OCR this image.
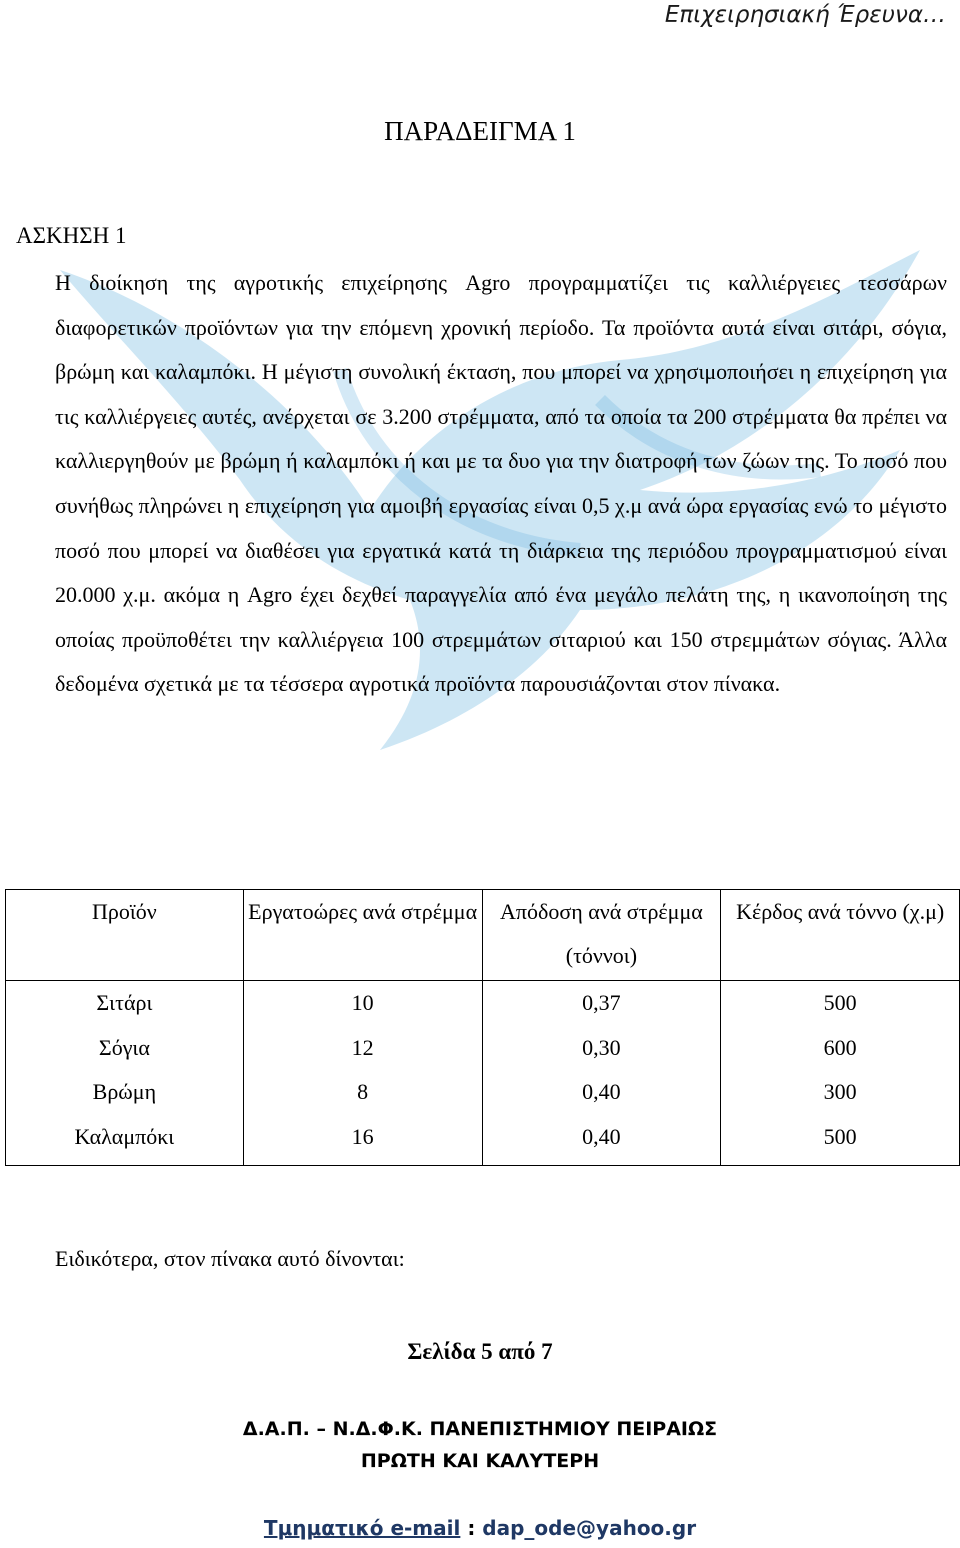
Επιχειρησιακή Έρευνα…

ΠΑΡΑΔΕΙΓΜΑ 1
ΑΣΚΗΣΗ 1

Η διοίκηση της αγροτικής επιχείρησης Agro προγραμματίζει τις καλλιέργειες τεσσάρων διαφορετικών προϊόντων για την επόμενη χρονική περίοδο. Τα προϊόντα αυτά είναι σιτάρι, σόγια, βρώμη και καλαμπόκι. Η μέγιστη συνολική έκταση, που μπορεί να χρησιμοποιήσει η επιχείρηση για τις καλλιέργειες αυτές, ανέρχεται σε 3.200 στρέμματα, από τα οποία τα 200 στρέμματα θα πρέπει να καλλιεργηθούν με βρώμη ή καλαμπόκι ή και με τα δυο για την διατροφή των ζώων της. Το ποσό που συνήθως πληρώνει η επιχείρηση για αμοιβή εργασίας είναι 0,5 χ.μ ανά ώρα εργασίας ενώ το μέγιστο ποσό που μπορεί να διαθέσει για εργατικά κατά τη διάρκεια της περιόδου προγραμματισμού είναι 20.000 χ.μ. ακόμα η Agro έχει δεχθεί παραγγελία από ένα μεγάλο πελάτη της, η ικανοποίηση της οποίας προϋποθέτει την καλλιέργεια 100 στρεμμάτων σιταριού και 150 στρεμμάτων σόγιας. Άλλα δεδομένα σχετικά με τα τέσσερα αγροτικά προϊόντα παρουσιάζονται στον πίνακα.

Προϊόν	Εργατοώρες ανά στρέμμα	Απόδοση ανά στρέμμα (τόννοι)	Κέρδος ανά τόννο (χ.μ)
Σιτάρι	10	0,37	500
Σόγια	12	0,30	600
Βρώμη	8	0,40	300
Καλαμπόκι	16	0,40	500

Ειδικότερα, στον πίνακα αυτό δίνονται:

Σελίδα 5 από 7

Δ.Α.Π. – Ν.Δ.Φ.Κ. ΠΑΝΕΠΙΣΤΗΜΙΟΥ ΠΕΙΡΑΙΩΣ
ΠΡΩΤΗ ΚΑΙ ΚΑΛΥΤΕΡΗ

Τμηματικό e-mail : dap_ode@yahoo.gr
